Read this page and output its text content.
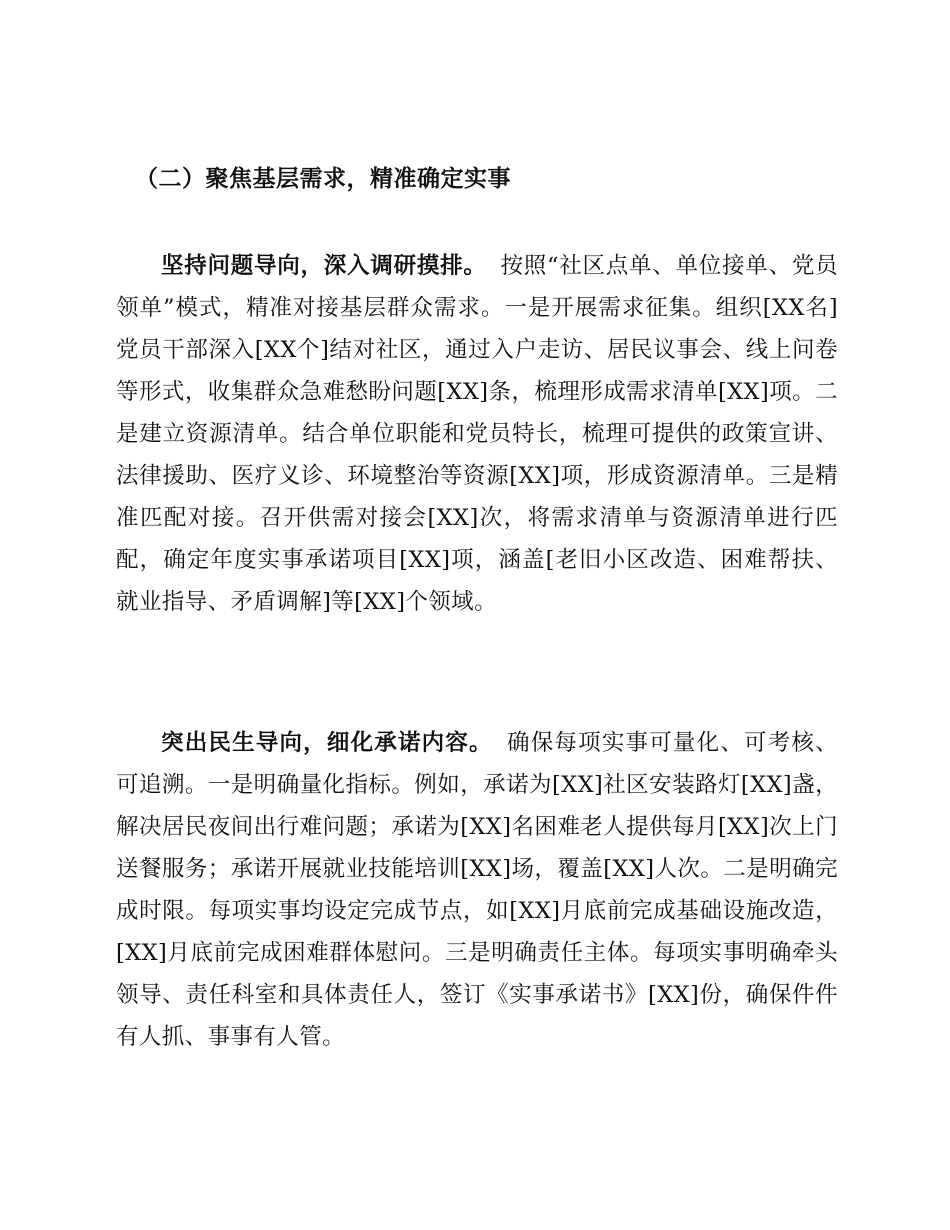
（二）聚焦基层需求，精准确定实事

坚持问题导向，深入调研摸排。 按照“社区点单、单位接单、党员领单”模式，精准对接基层群众需求。一是开展需求征集。组织[XX名]党员干部深入[XX个]结对社区，通过入户走访、居民议事会、线上问卷等形式，收集群众急难愁盼问题[XX]条，梳理形成需求清单[XX]项。二是建立资源清单。结合单位职能和党员特长，梳理可提供的政策宣讲、法律援助、医疗义诊、环境整治等资源[XX]项，形成资源清单。三是精准匹配对接。召开供需对接会[XX]次，将需求清单与资源清单进行匹配，确定年度实事承诺项目[XX]项，涵盖[老旧小区改造、困难帮扶、就业指导、矛盾调解]等[XX]个领域。

突出民生导向，细化承诺内容。 确保每项实事可量化、可考核、可追溯。一是明确量化指标。例如，承诺为[XX]社区安装路灯[XX]盏，解决居民夜间出行难问题；承诺为[XX]名困难老人提供每月[XX]次上门送餐服务；承诺开展就业技能培训[XX]场，覆盖[XX]人次。二是明确完成时限。每项实事均设定完成节点，如[XX]月底前完成基础设施改造，[XX]月底前完成困难群体慰问。三是明确责任主体。每项实事明确牵头领导、责任科室和具体责任人，签订《实事承诺书》[XX]份，确保件件有人抓、事事有人管。
